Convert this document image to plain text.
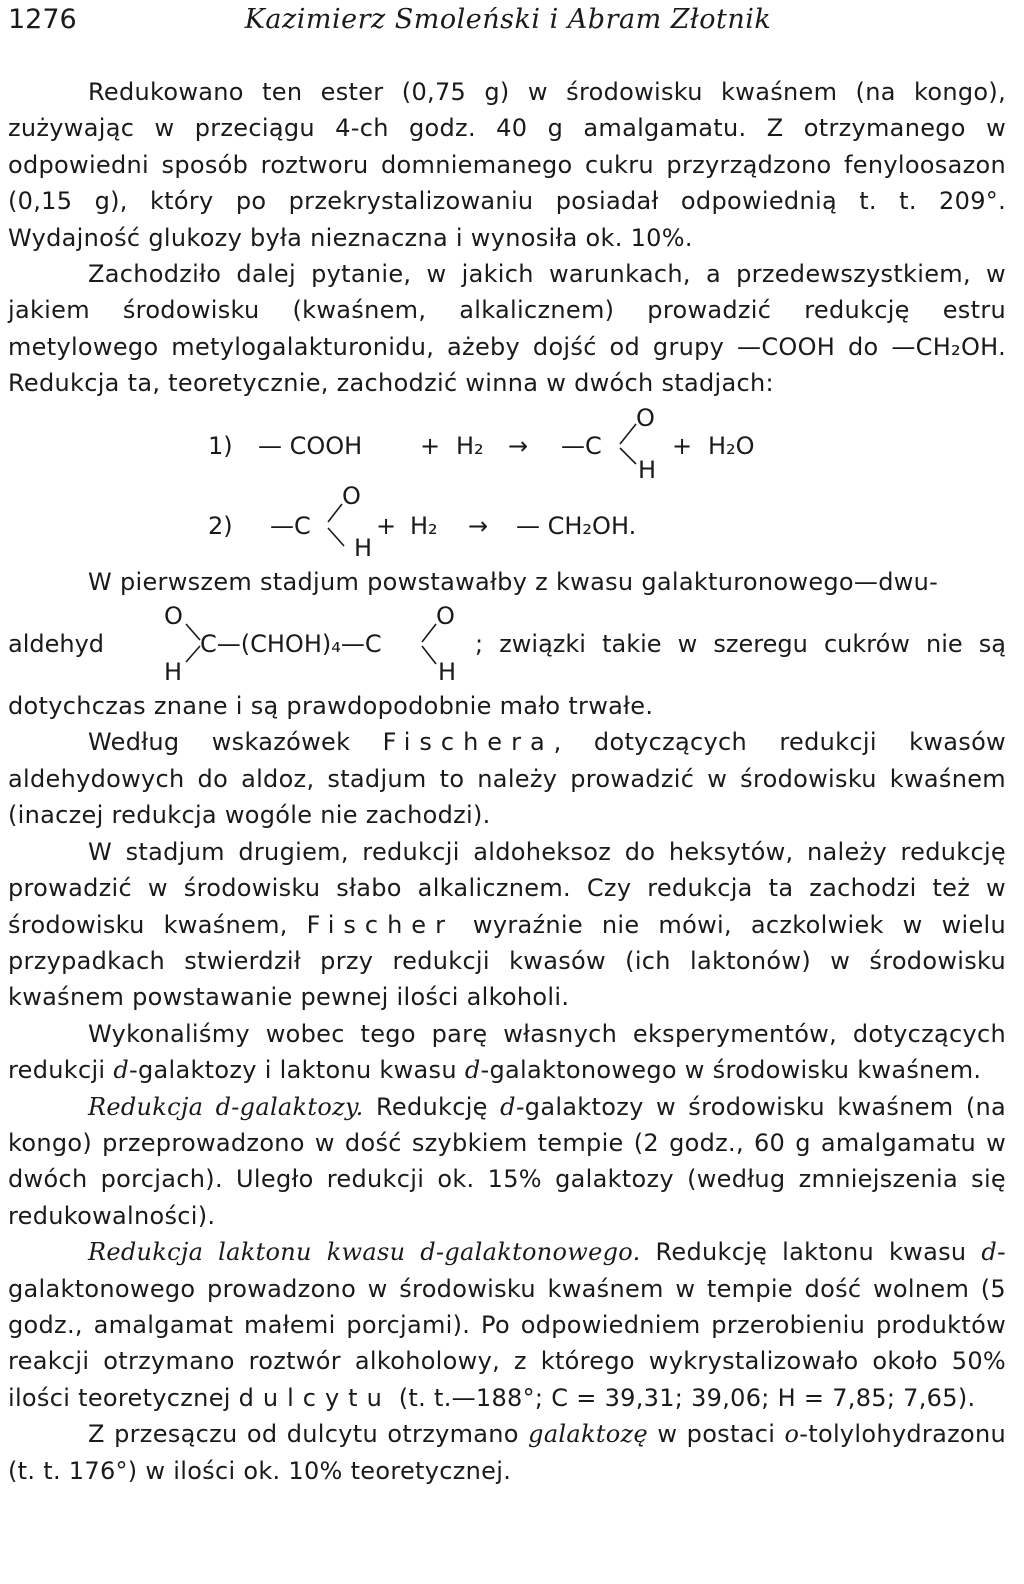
1276	Kazimierz Smoleński i Abram Złotnik

Redukowano ten ester (0,75 g) w środowisku kwaśnem (na kongo), zużywając w przeciągu 4-ch godz. 40 g amalgamatu. Z otrzymanego w odpowiedni sposób roztworu domniemanego cukru przyrządzono fenyloosazon (0,15 g), który po przekrystalizowaniu posiadał odpowiednią t. t. 209°. Wydajność glukozy była nieznaczna i wynosiła ok. 10%.

Zachodziło dalej pytanie, w jakich warunkach, a przedewszystkiem, w jakiem środowisku (kwaśnem, alkalicznem) prowadzić redukcję estru metylowego metylogalakturonidu, ażeby dojść od grupy —COOH do —CH₂OH. Redukcja ta, teoretycznie, zachodzić winna w dwóch stadjach:

1) — COOH + H₂ → —C
O
H
+ H₂O
2) —C
O
H
+ H₂ → — CH₂OH.

W pierwszem stadjum powstawałby z kwasu galakturonowego—dwu-

aldehyd
O
H
C—(CHOH)₄—C
O
H
; związki takie w szeregu cukrów nie są

dotychczas znane i są prawdopodobnie mało trwałe.

Według wskazówek Fischera, dotyczących redukcji kwasów aldehydowych do aldoz, stadjum to należy prowadzić w środowisku kwaśnem (inaczej redukcja wogóle nie zachodzi).

W stadjum drugiem, redukcji aldoheksoz do heksytów, należy redukcję prowadzić w środowisku słabo alkalicznem. Czy redukcja ta zachodzi też w środowisku kwaśnem, Fischer wyraźnie nie mówi, aczkolwiek w wielu przypadkach stwierdził przy redukcji kwasów (ich laktonów) w środowisku kwaśnem powstawanie pewnej ilości alkoholi.

Wykonaliśmy wobec tego parę własnych eksperymentów, dotyczących redukcji d-galaktozy i laktonu kwasu d-galaktonowego w środowisku kwaśnem.

Redukcja d-galaktozy. Redukcję d-galaktozy w środowisku kwaśnem (na kongo) przeprowadzono w dość szybkiem tempie (2 godz., 60 g amalgamatu w dwóch porcjach). Uległo redukcji ok. 15% galaktozy (według zmniejszenia się redukowalności).

Redukcja laktonu kwasu d-galaktonowego. Redukcję laktonu kwasu d-galaktonowego prowadzono w środowisku kwaśnem w tempie dość wolnem (5 godz., amalgamat małemi porcjami). Po odpowiedniem przerobieniu produktów reakcji otrzymano roztwór alkoholowy, z którego wykrystalizowało około 50% ilości teoretycznej dulcytu (t. t.—188°; C = 39,31; 39,06; H = 7,85; 7,65).

Z przesączu od dulcytu otrzymano galaktozę w postaci o-tolylohydrazonu (t. t. 176°) w ilości ok. 10% teoretycznej.
